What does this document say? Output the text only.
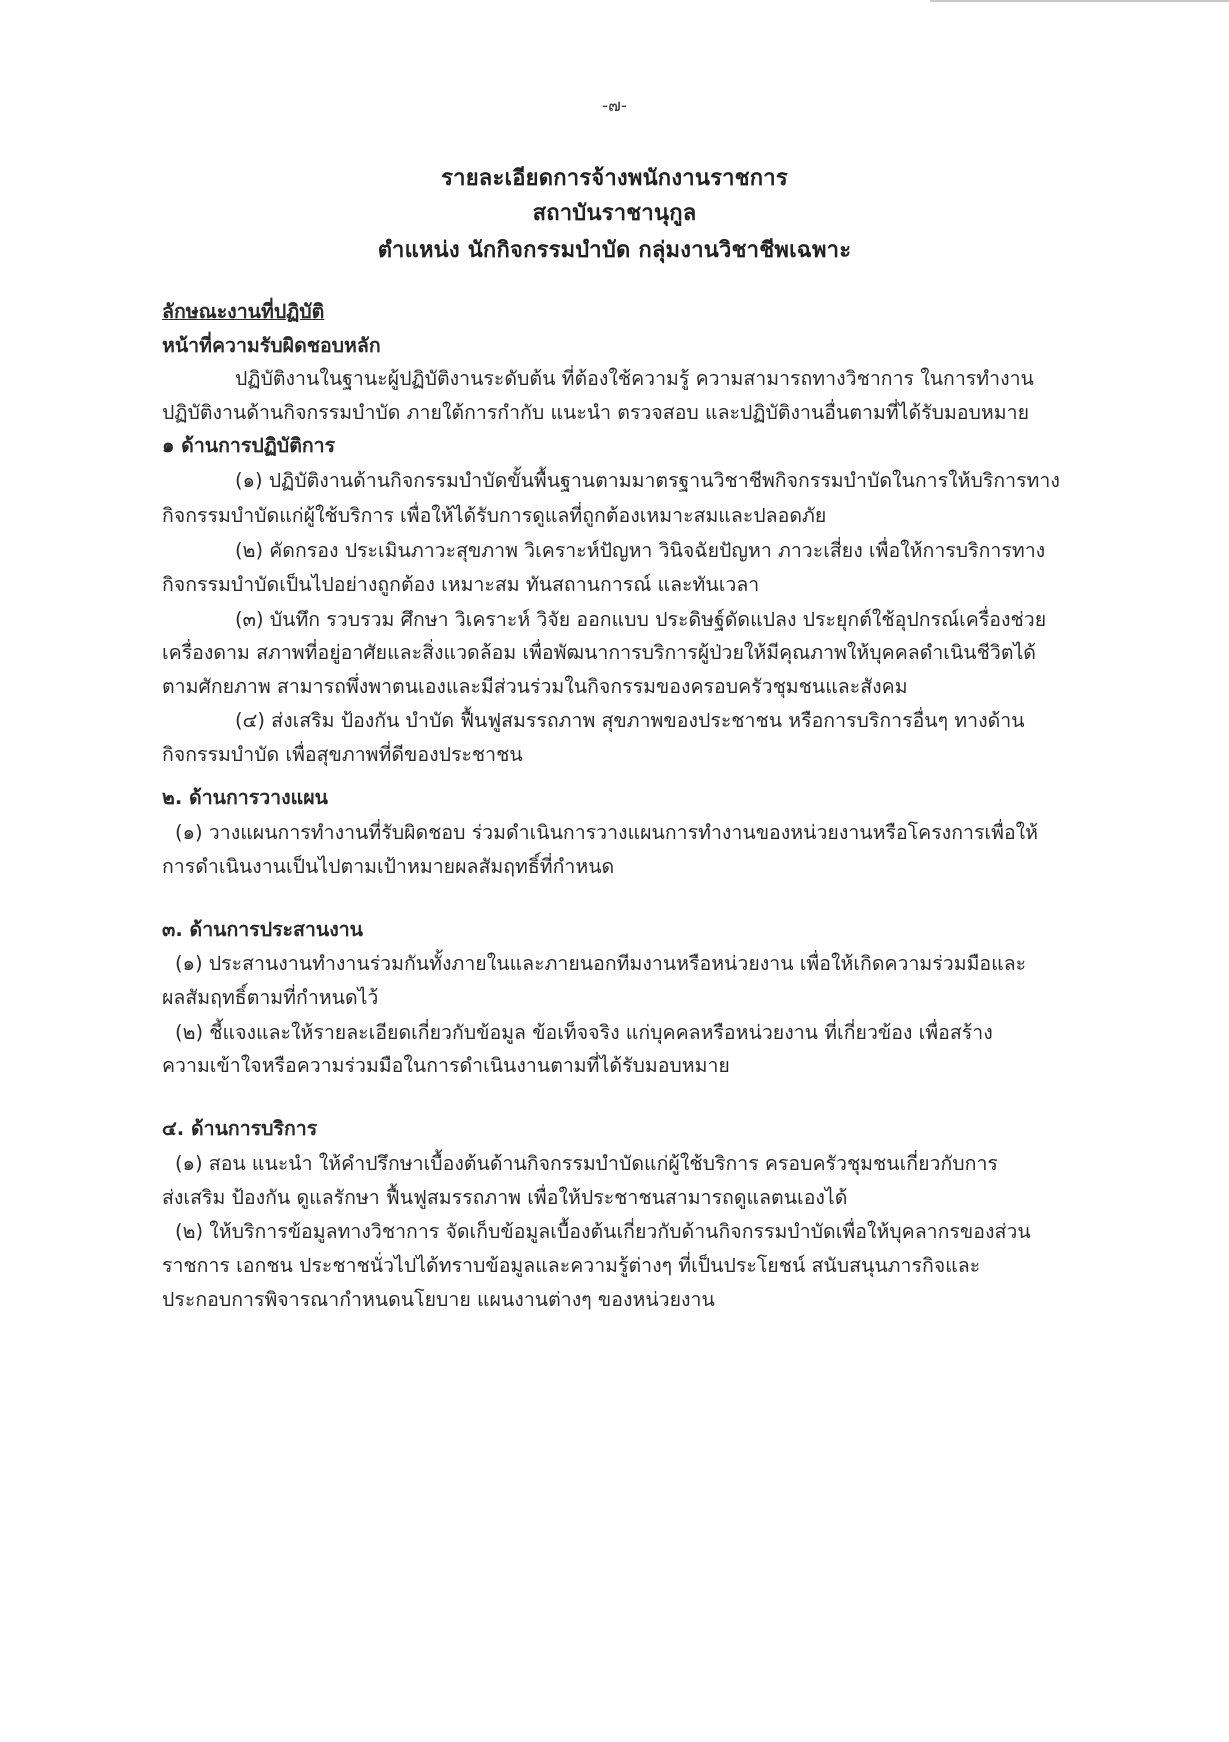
-๗-
รายละเอียดการจ้างพนักงานราชการ
สถาบันราชานุกูล
ตำแหน่ง นักกิจกรรมบำบัด กลุ่มงานวิชาชีพเฉพาะ
ลักษณะงานที่ปฏิบัติ
หน้าที่ความรับผิดชอบหลัก
ปฏิบัติงานในฐานะผู้ปฏิบัติงานระดับต้น ที่ต้องใช้ความรู้ ความสามารถทางวิชาการ ในการทำงาน
ปฏิบัติงานด้านกิจกรรมบำบัด ภายใต้การกำกับ แนะนำ ตรวจสอบ และปฏิบัติงานอื่นตามที่ได้รับมอบหมาย
๑ ด้านการปฏิบัติการ
(๑) ปฏิบัติงานด้านกิจกรรมบำบัดขั้นพื้นฐานตามมาตรฐานวิชาชีพกิจกรรมบำบัดในการให้บริการทาง
กิจกรรมบำบัดแก่ผู้ใช้บริการ เพื่อให้ได้รับการดูแลที่ถูกต้องเหมาะสมและปลอดภัย
(๒) คัดกรอง ประเมินภาวะสุขภาพ วิเคราะห์ปัญหา วินิจฉัยปัญหา ภาวะเสี่ยง เพื่อให้การบริการทาง
กิจกรรมบำบัดเป็นไปอย่างถูกต้อง เหมาะสม ทันสถานการณ์ และทันเวลา
(๓) บันทึก รวบรวม ศึกษา วิเคราะห์ วิจัย ออกแบบ ประดิษฐ์ดัดแปลง ประยุกต์ใช้อุปกรณ์เครื่องช่วย
เครื่องดาม สภาพที่อยู่อาศัยและสิ่งแวดล้อม เพื่อพัฒนาการบริการผู้ป่วยให้มีคุณภาพให้บุคคลดำเนินชีวิตได้
ตามศักยภาพ สามารถพึ่งพาตนเองและมีส่วนร่วมในกิจกรรมของครอบครัวชุมชนและสังคม
(๔) ส่งเสริม ป้องกัน บำบัด ฟื้นฟูสมรรถภาพ สุขภาพของประชาชน หรือการบริการอื่นๆ ทางด้าน
กิจกรรมบำบัด เพื่อสุขภาพที่ดีของประชาชน
๒. ด้านการวางแผน
(๑) วางแผนการทำงานที่รับผิดชอบ ร่วมดำเนินการวางแผนการทำงานของหน่วยงานหรือโครงการเพื่อให้
การดำเนินงานเป็นไปตามเป้าหมายผลสัมฤทธิ์ที่กำหนด
๓. ด้านการประสานงาน
(๑) ประสานงานทำงานร่วมกันทั้งภายในและภายนอกทีมงานหรือหน่วยงาน เพื่อให้เกิดความร่วมมือและ
ผลสัมฤทธิ์ตามที่กำหนดไว้
(๒) ชี้แจงและให้รายละเอียดเกี่ยวกับข้อมูล ข้อเท็จจริง แก่บุคคลหรือหน่วยงาน ที่เกี่ยวข้อง เพื่อสร้าง
ความเข้าใจหรือความร่วมมือในการดำเนินงานตามที่ได้รับมอบหมาย
๔. ด้านการบริการ
(๑) สอน แนะนำ ให้คำปรึกษาเบื้องต้นด้านกิจกรรมบำบัดแก่ผู้ใช้บริการ ครอบครัวชุมชนเกี่ยวกับการ
ส่งเสริม ป้องกัน ดูแลรักษา ฟื้นฟูสมรรถภาพ เพื่อให้ประชาชนสามารถดูแลตนเองได้
(๒) ให้บริการข้อมูลทางวิชาการ จัดเก็บข้อมูลเบื้องต้นเกี่ยวกับด้านกิจกรรมบำบัดเพื่อให้บุคลากรของส่วน
ราชการ เอกชน ประชาชนั่วไปได้ทราบข้อมูลและความรู้ต่างๆ ที่เป็นประโยชน์ สนับสนุนภารกิจและ
ประกอบการพิจารณากำหนดนโยบาย แผนงานต่างๆ ของหน่วยงาน
